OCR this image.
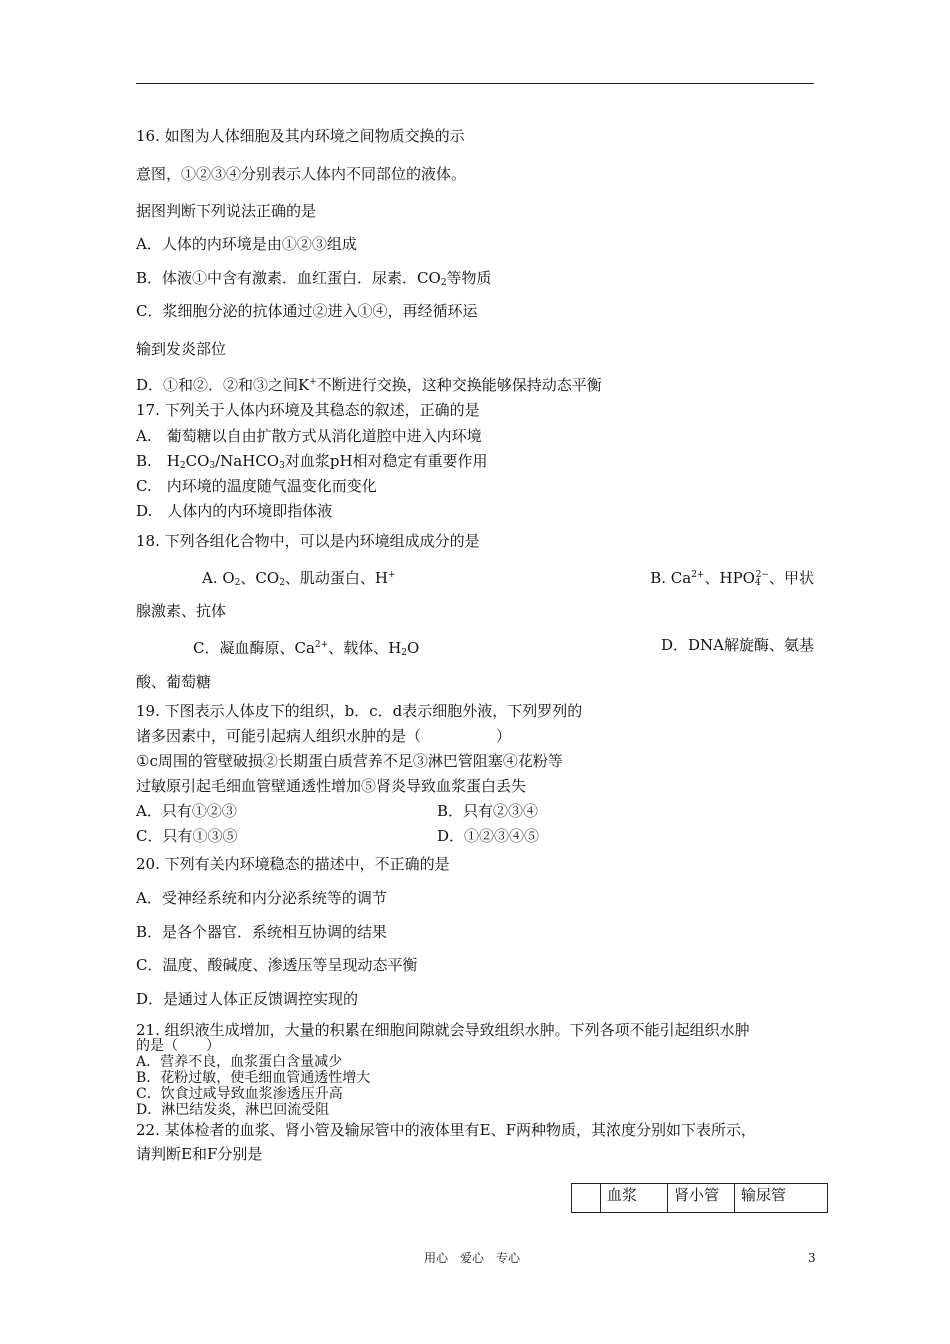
16. 如图为人体细胞及其内环境之间物质交换的示
意图，①②③④分别表示人体内不同部位的液体。
据图判断下列说法正确的是
A．人体的内环境是由①②③组成
B．体液①中含有激素．血红蛋白．尿素．$CO_2$等物质
C．浆细胞分泌的抗体通过②进入①④，再经循环运
输到发炎部位
D．①和②．②和③之间K+不断进行交换，这种交换能够保持动态平衡
17. 下列关于人体内环境及其稳态的叙述，正确的是
A.　葡萄糖以自由扩散方式从消化道腔中进入内环境
B.　$H_2CO_3/NaHCO_3$对血浆pH相对稳定有重要作用
C.　内环境的温度随气温变化而变化
D.　人体内的内环境即指体液
18. 下列各组化合物中，可以是内环境组成成分的是
A. $O_2$、$CO_2$、肌动蛋白、H+	B. $Ca^{2+}$、$HPO_4^{2-}$、甲状
腺激素、抗体
C．凝血酶原、$Ca^{2+}$、载体、$H_2O$	D．DNA解旋酶、氨基
酸、葡萄糖
19. 下图表示人体皮下的组织，b．c．d表示细胞外液，下列罗列的
诸多因素中，可能引起病人组织水肿的是（　　　　　）
①c周围的管壁破损②长期蛋白质营养不足③淋巴管阻塞④花粉等
过敏原引起毛细血管壁通透性增加⑤肾炎导致血浆蛋白丢失
A．只有①②③	B．只有②③④
C．只有①③⑤	D．①②③④⑤
20. 下列有关内环境稳态的描述中，不正确的是
A．受神经系统和内分泌系统等的调节
B．是各个器官．系统相互协调的结果
C．温度、酸碱度、渗透压等呈现动态平衡
D．是通过人体正反馈调控实现的
21. 组织液生成增加，大量的积累在细胞间隙就会导致组织水肿。下列各项不能引起组织水肿
的是（　　）
A．营养不良，血浆蛋白含量减少
B．花粉过敏，使毛细血管通透性增大
C．饮食过咸导致血浆渗透压升高
D．淋巴结发炎，淋巴回流受阻
22. 某体检者的血浆、肾小管及输尿管中的液体里有E、F两种物质，其浓度分别如下表所示，
请判断E和F分别是
	血浆	肾小管	输尿管
用心　爱心　专心	3
